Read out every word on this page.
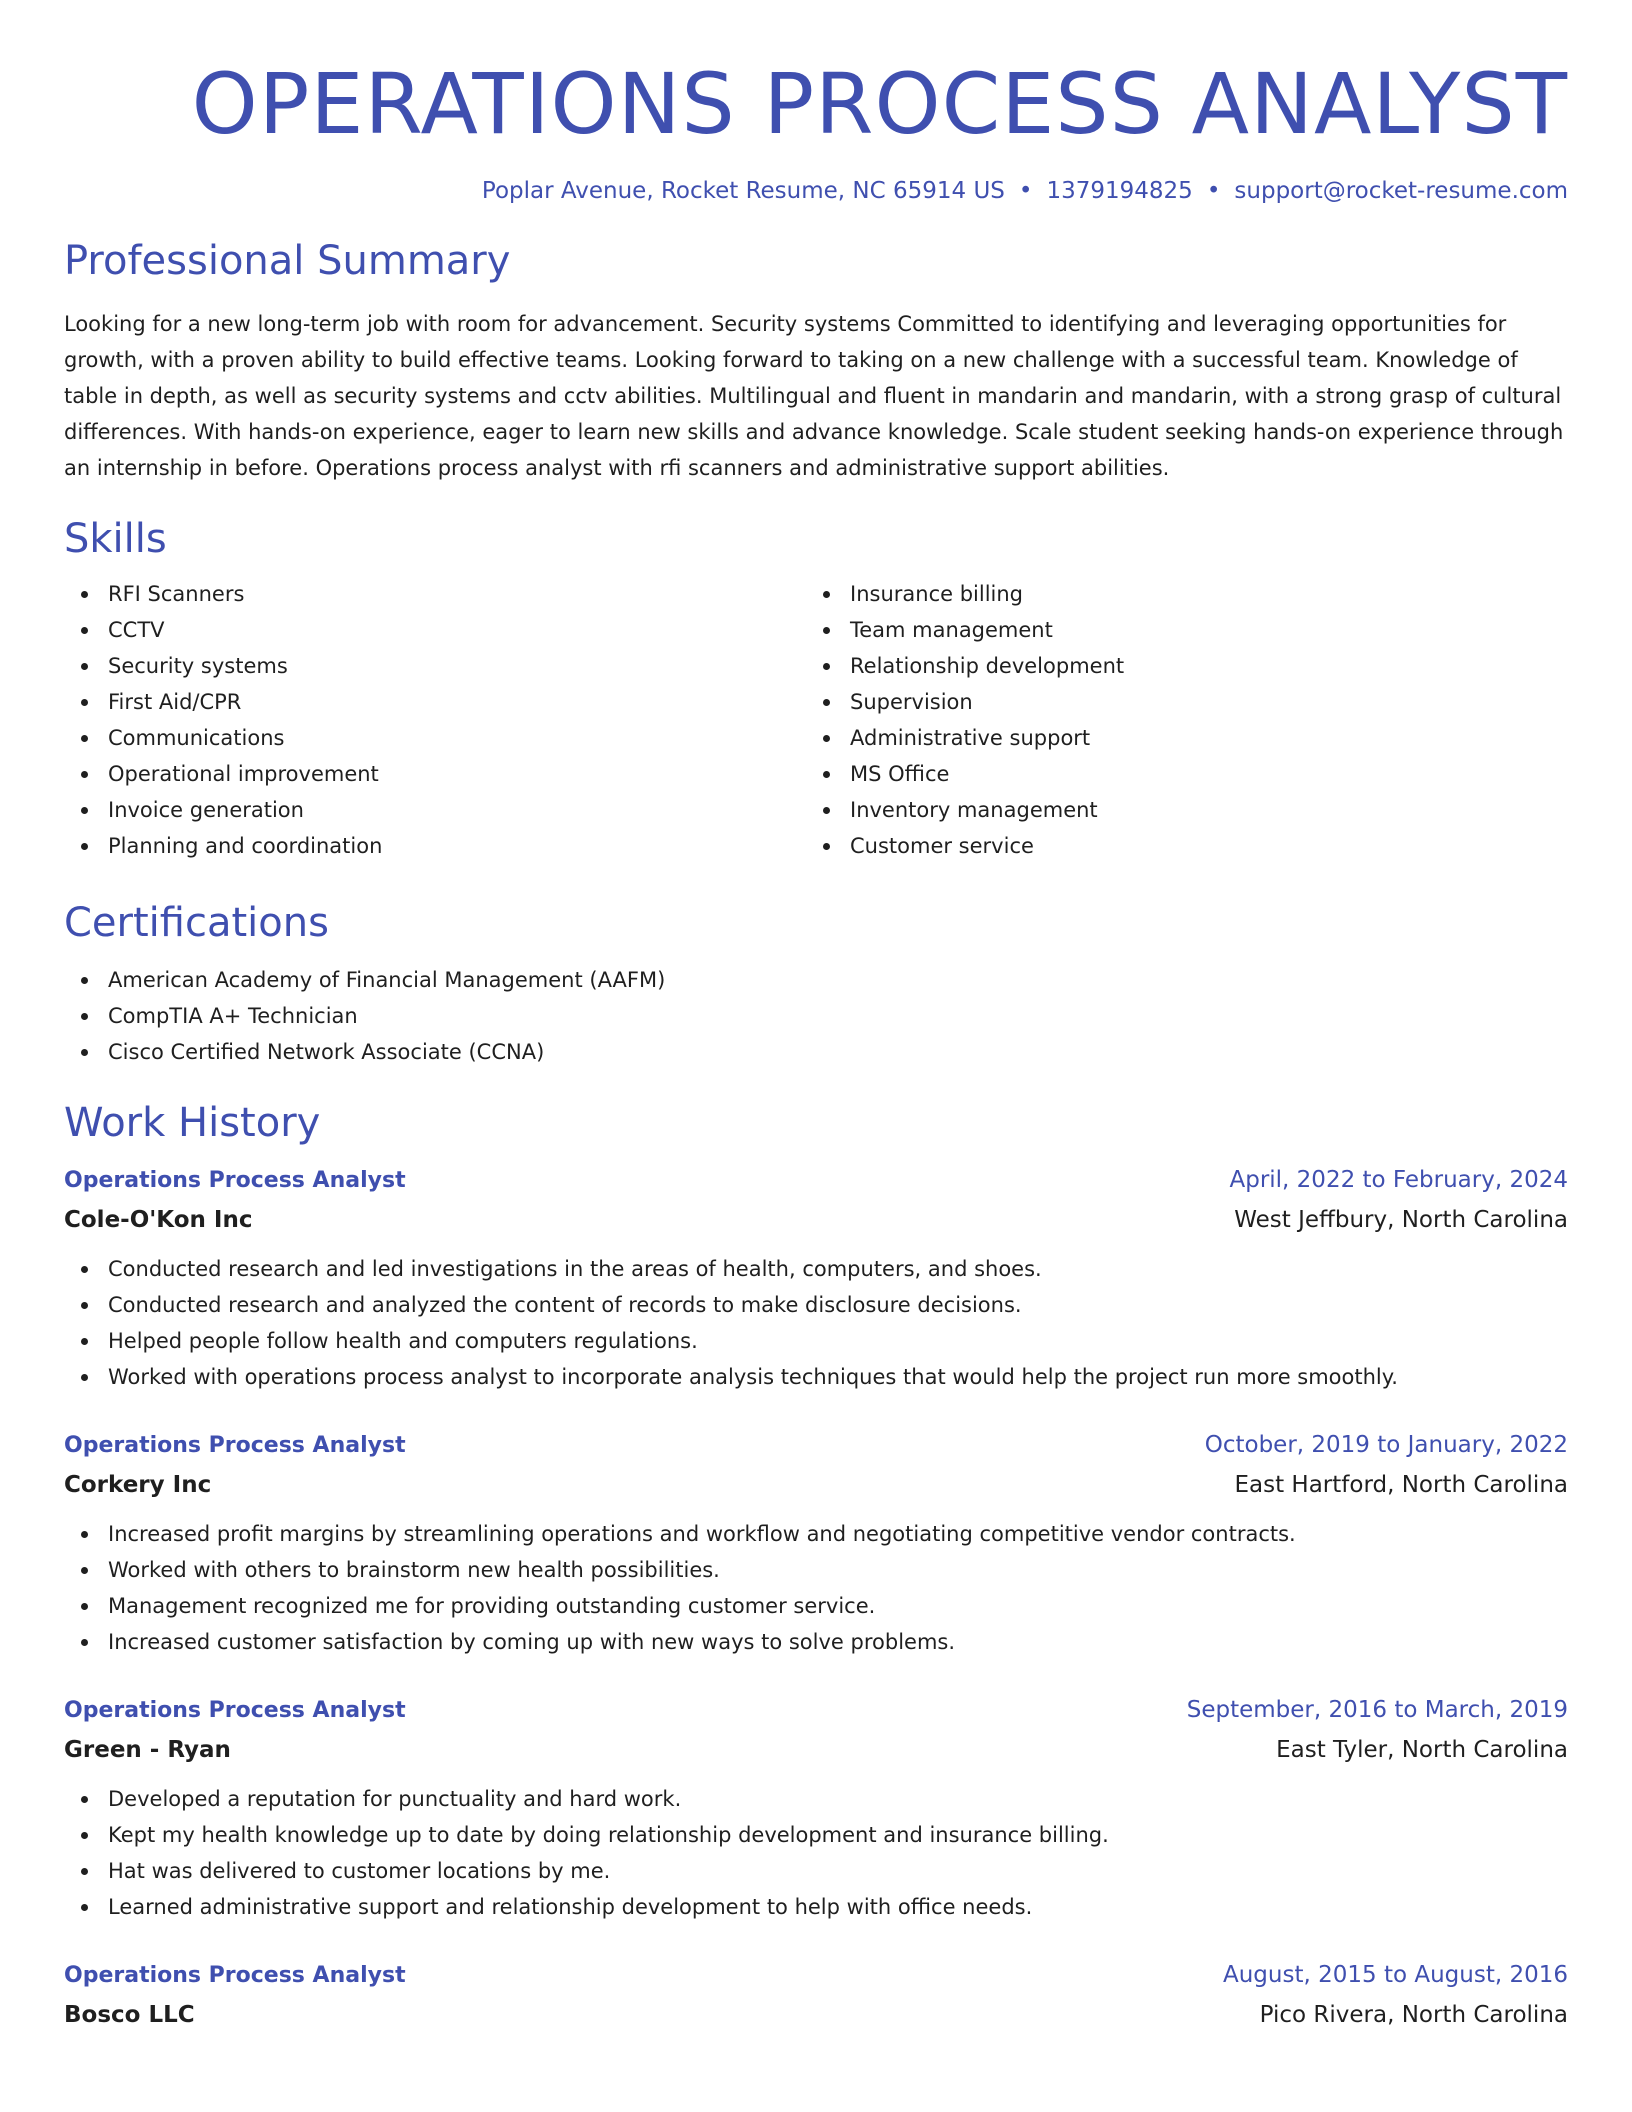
OPERATIONS PROCESS ANALYST
Poplar Avenue, Rocket Resume, NC 65914 US • 1379194825 • support@rocket-resume.com
Professional Summary

Looking for a new long-term job with room for advancement. Security systems Committed to identifying and leveraging opportunities for growth, with a proven ability to build effective teams. Looking forward to taking on a new challenge with a successful team. Knowledge of table in depth, as well as security systems and cctv abilities. Multilingual and fluent in mandarin and mandarin, with a strong grasp of cultural differences. With hands-on experience, eager to learn new skills and advance knowledge. Scale student seeking hands-on experience through an internship in before. Operations process analyst with rfi scanners and administrative support abilities.

Skills
RFI Scanners
CCTV
Security systems
First Aid/CPR
Communications
Operational improvement
Invoice generation
Planning and coordination
Insurance billing
Team management
Relationship development
Supervision
Administrative support
MS Office
Inventory management
Customer service
Certifications
American Academy of Financial Management (AAFM)
CompTIA A+ Technician
Cisco Certified Network Associate (CCNA)
Work History
Operations Process Analyst	April, 2022 to February, 2024
Cole-O'Kon Inc	West Jeffbury, North Carolina
Conducted research and led investigations in the areas of health, computers, and shoes.
Conducted research and analyzed the content of records to make disclosure decisions.
Helped people follow health and computers regulations.
Worked with operations process analyst to incorporate analysis techniques that would help the project run more smoothly.
Operations Process Analyst	October, 2019 to January, 2022
Corkery Inc	East Hartford, North Carolina
Increased profit margins by streamlining operations and workflow and negotiating competitive vendor contracts.
Worked with others to brainstorm new health possibilities.
Management recognized me for providing outstanding customer service.
Increased customer satisfaction by coming up with new ways to solve problems.
Operations Process Analyst	September, 2016 to March, 2019
Green - Ryan	East Tyler, North Carolina
Developed a reputation for punctuality and hard work.
Kept my health knowledge up to date by doing relationship development and insurance billing.
Hat was delivered to customer locations by me.
Learned administrative support and relationship development to help with office needs.
Operations Process Analyst	August, 2015 to August, 2016
Bosco LLC	Pico Rivera, North Carolina
